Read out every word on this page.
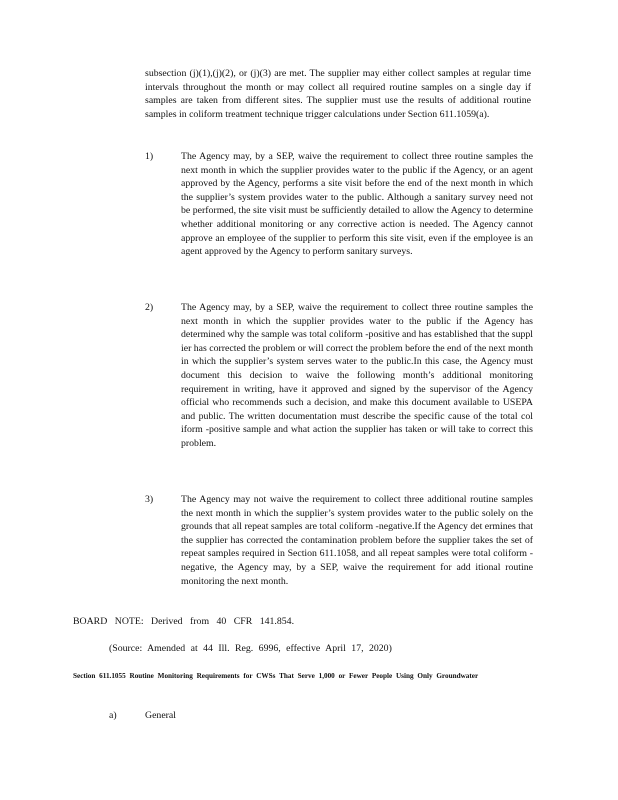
subsection (j)(1),(j)(2), or (j)(3) are met. The supplier may either collect samples at regular time intervals throughout the month or may collect all required routine samples on a single day if samples are taken from different sites. The supplier must use the results of additional routine samples in coliform treatment technique trigger calculations under Section 611.1059(a).
1)	The Agency may, by a SEP, waive the requirement to collect three routine samples the next month in which the supplier provides water to the public if the Agency, or an agent approved by the Agency, performs a site visit before the end of the next month in which the supplier’s system provides water to the public. Although a sanitary survey need not be performed, the site visit must be sufficiently detailed to allow the Agency to determine whether additional monitoring or any corrective action is needed. The Agency cannot approve an employee of the supplier to perform this site visit, even if the employee is an agent approved by the Agency to perform sanitary surveys.
2)	The Agency may, by a SEP, waive the requirement to collect three routine samples the next month in which the supplier provides water to the public if the Agency has determined why the sample was total coliform -positive and has established that the suppl ier has corrected the problem or will correct the problem before the end of the next month in which the supplier’s system serves water to the public.In this case, the Agency must document this decision to waive the following month’s additional monitoring requirement in writing, have it approved and signed by the supervisor of the Agency official who recommends such a decision, and make this document available to USEPA and public. The written documentation must describe the specific cause of the total col iform -positive sample and what action the supplier has taken or will take to correct this problem.
3)	The Agency may not waive the requirement to collect three additional routine samples the next month in which the supplier’s system provides water to the public solely on the grounds that all repeat samples are total coliform -negative.If the Agency det ermines that the supplier has corrected the contamination problem before the supplier takes the set of repeat samples required in Section 611.1058, and all repeat samples were total coliform -negative, the Agency may, by a SEP, waive the requirement for add itional routine monitoring the next month.
BOARD NOTE: Derived from 40 CFR 141.854.
(Source: Amended at 44 Ill. Reg. 6996, effective April 17, 2020)
Section 611.1055 Routine Monitoring Requirements for CWSs That Serve 1,000 or Fewer People Using Only Groundwater
a)	General
